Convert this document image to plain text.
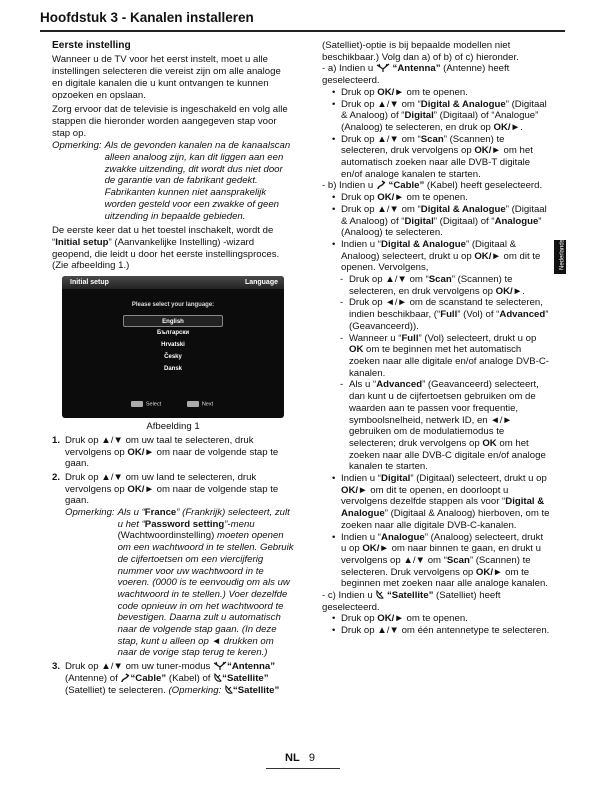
Hoofdstuk 3 - Kanalen installeren
Nederlands
Eerste instelling

Wanneer u de TV voor het eerst instelt, moet u alle instellingen selecteren die vereist zijn om alle analoge en digitale kanalen die u kunt ontvangen te kunnen opzoeken en opslaan.

Zorg ervoor dat de televisie is ingeschakeld en volg alle stappen die hieronder worden aangegeven stap voor stap op.

Opmerking: Als de gevonden kanalen na de kanaalscan alleen analoog zijn, kan dit liggen aan een zwakke uitzending, dit wordt dus niet door de garantie van de fabrikant gedekt. Fabrikanten kunnen niet aansprakelijk worden gesteld voor een zwakke of geen uitzending in bepaalde gebieden.

De eerste keer dat u het toestel inschakelt, wordt de “Initial setup” (Aanvankelijke Instelling) -wizard geopend, die leidt u door het eerste instellingsproces. (Zie afbeelding 1.)

Initial setup	Language
Please select your language:
English
Български
Hrvatski
Česky
Dansk
Select	Next
Afbeelding 1
1. Druk op ▲/▼ om uw taal te selecteren, druk vervolgens op OK/► om naar de volgende stap te gaan.
2. Druk op ▲/▼ om uw land te selecteren, druk vervolgens op OK/► om naar de volgende stap te gaan.
Opmerking: Als u “France” (Frankrijk) selecteert, zult u het “Password setting”-menu (Wachtwoordinstelling) moeten openen om een wachtwoord in te stellen. Gebruik de cijfertoetsen om een viercijferig nummer voor uw wachtwoord in te voeren. (0000 is te eenvoudig om als uw wachtwoord in te stellen.) Voer dezelfde code opnieuw in om het wachtwoord te bevestigen. Daarna zult u automatisch naar de volgende stap gaan. (In deze stap, kunt u alleen op ◄ drukken om naar de vorige stap terug te keren.)
3. Druk op ▲/▼ om uw tuner-modus “Antenna” (Antenne) of “Cable” (Kabel) of “Satellite” (Satelliet) te selecteren. (Opmerking: “Satellite”

(Satelliet)-optie is bij bepaalde modellen niet beschikbaar.) Volg dan a) of b) of c) hieronder.

- a) Indien u  “Antenna” (Antenne) heeft geselecteerd.

• Druk op OK/► om te openen.
• Druk op ▲/▼ om “Digital & Analogue” (Digitaal & Analoog) of “Digital” (Digitaal) of “Analogue” (Analoog) te selecteren, en druk op OK/►.
• Druk op ▲/▼ om “Scan” (Scannen) te selecteren, druk vervolgens op OK/► om het automatisch zoeken naar alle DVB-T digitale en/of analoge kanalen te starten.

- b) Indien u  “Cable” (Kabel) heeft geselecteerd.

• Druk op OK/► om te openen.
• Druk op ▲/▼ om “Digital & Analogue” (Digitaal & Analoog) of “Digital” (Digitaal) of “Analogue” (Analoog) te selecteren.
• Indien u “Digital & Analogue” (Digitaal & Analoog) selecteert, drukt u op OK/► om dit te openen. Vervolgens,
- Druk op ▲/▼ om “Scan” (Scannen) te selecteren, en druk vervolgens op OK/►.
- Druk op ◄/► om de scanstand te selecteren, indien beschikbaar, (“Full” (Vol) of “Advanced” (Geavanceerd)).
- Wanneer u “Full” (Vol) selecteert, drukt u op OK om te beginnen met het automatisch zoeken naar alle digitale en/of analoge DVB-C-kanalen.
- Als u “Advanced” (Geavanceerd) selecteert, dan kunt u de cijfertoetsen gebruiken om de waarden aan te passen voor frequentie, symboolsnelheid, netwerk ID, en ◄/► gebruiken om de modulatiemodus te selecteren; druk vervolgens op OK om het zoeken naar alle DVB-C digitale en/of analoge kanalen te starten.
• Indien u “Digital” (Digitaal) selecteert, drukt u op OK/► om dit te openen, en doorloopt u vervolgens dezelfde stappen als voor “Digital & Analogue” (Digitaal & Analoog) hierboven, om te zoeken naar alle digitale DVB-C-kanalen.
• Indien u “Analogue” (Analoog) selecteert, drukt u op OK/► om naar binnen te gaan, en drukt u vervolgens op ▲/▼ om “Scan” (Scannen) te selecteren. Druk vervolgens op OK/► om te beginnen met zoeken naar alle analoge kanalen.

- c) Indien u  “Satellite” (Satelliet) heeft geselecteerd.

• Druk op OK/► om te openen.
• Druk op ▲/▼ om één antennetype te selecteren.
NL 9
